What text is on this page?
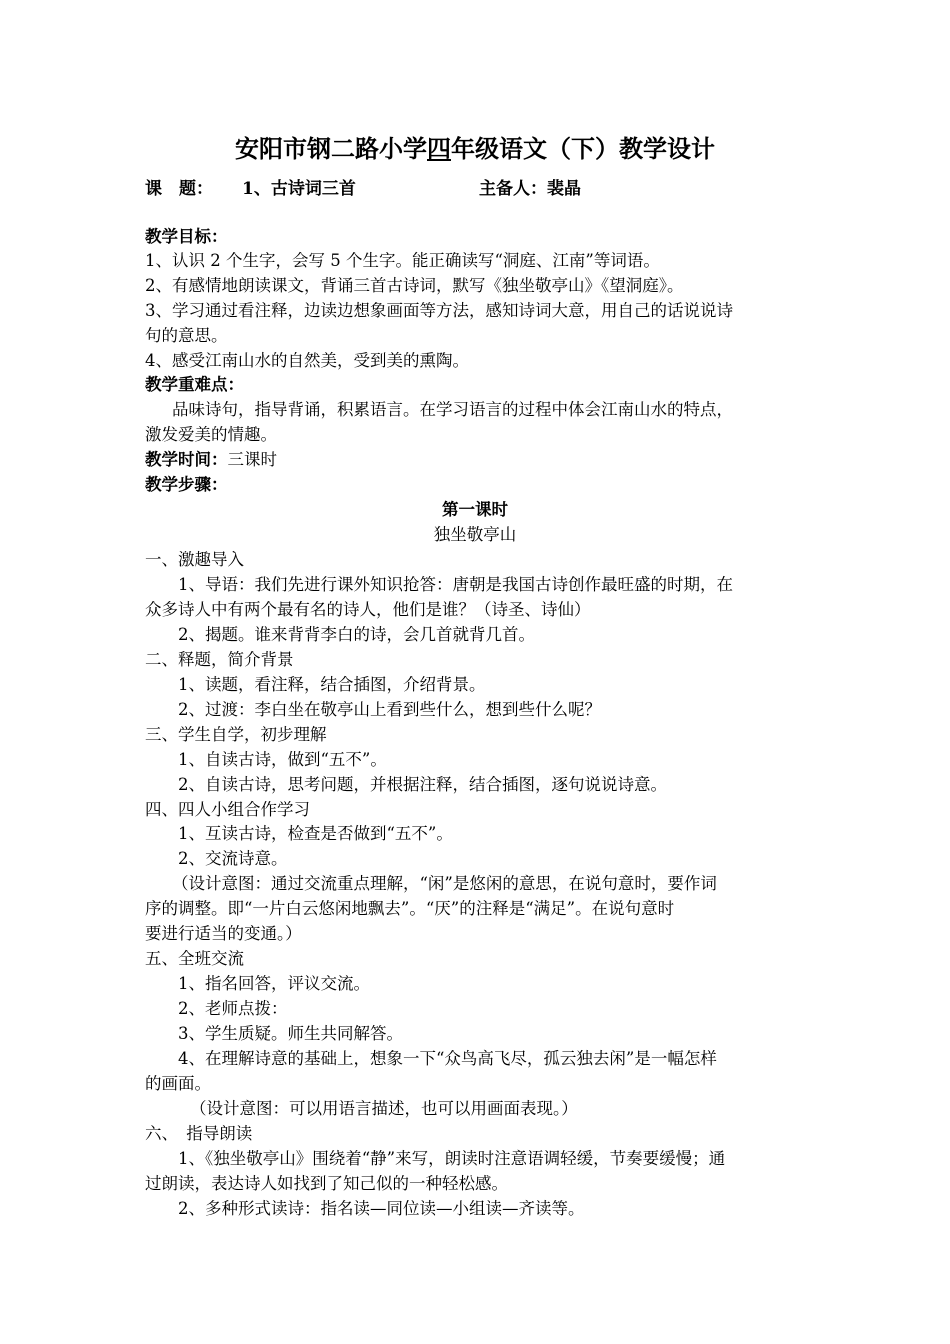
安阳市钢二路小学四年级语文（下）教学设计
课　题： 1、古诗词三首	主备人：裴晶
教学目标：
1、认识 2 个生字，会写 5 个生字。能正确读写“洞庭、江南”等词语。
2、有感情地朗读课文，背诵三首古诗词，默写《独坐敬亭山》《望洞庭》。
3、学习通过看注释，边读边想象画面等方法，感知诗词大意，用自己的话说说诗
句的意思。
4、感受江南山水的自然美，受到美的熏陶。
教学重难点：
品味诗句，指导背诵，积累语言。在学习语言的过程中体会江南山水的特点，
激发爱美的情趣。
教学时间：三课时
教学步骤：
第一课时
独坐敬亭山
一、激趣导入
1、导语：我们先进行课外知识抢答：唐朝是我国古诗创作最旺盛的时期，在
众多诗人中有两个最有名的诗人，他们是谁？（诗圣、诗仙）
2、揭题。谁来背背李白的诗，会几首就背几首。
二、释题，简介背景
1、读题，看注释，结合插图，介绍背景。
2、过渡：李白坐在敬亭山上看到些什么，想到些什么呢？
三、学生自学，初步理解
1、自读古诗，做到“五不”。
2、自读古诗，思考问题，并根据注释，结合插图，逐句说说诗意。
四、四人小组合作学习
1、互读古诗，检查是否做到“五不”。
2、交流诗意。
（设计意图：通过交流重点理解，“闲”是悠闲的意思，在说句意时，要作词
序的调整。即“一片白云悠闲地飘去”。“厌”的注释是“满足”。在说句意时
要进行适当的变通。）
五、全班交流
1、指名回答，评议交流。
2、老师点拨：
3、学生质疑。师生共同解答。
4、在理解诗意的基础上，想象一下“众鸟高飞尽，孤云独去闲”是一幅怎样
的画面。
（设计意图：可以用语言描述，也可以用画面表现。）
六、　指导朗读
1、《独坐敬亭山》围绕着“静”来写，朗读时注意语调轻缓，节奏要缓慢；通
过朗读，表达诗人如找到了知己似的一种轻松感。
2、多种形式读诗：指名读—同位读—小组读—齐读等。
